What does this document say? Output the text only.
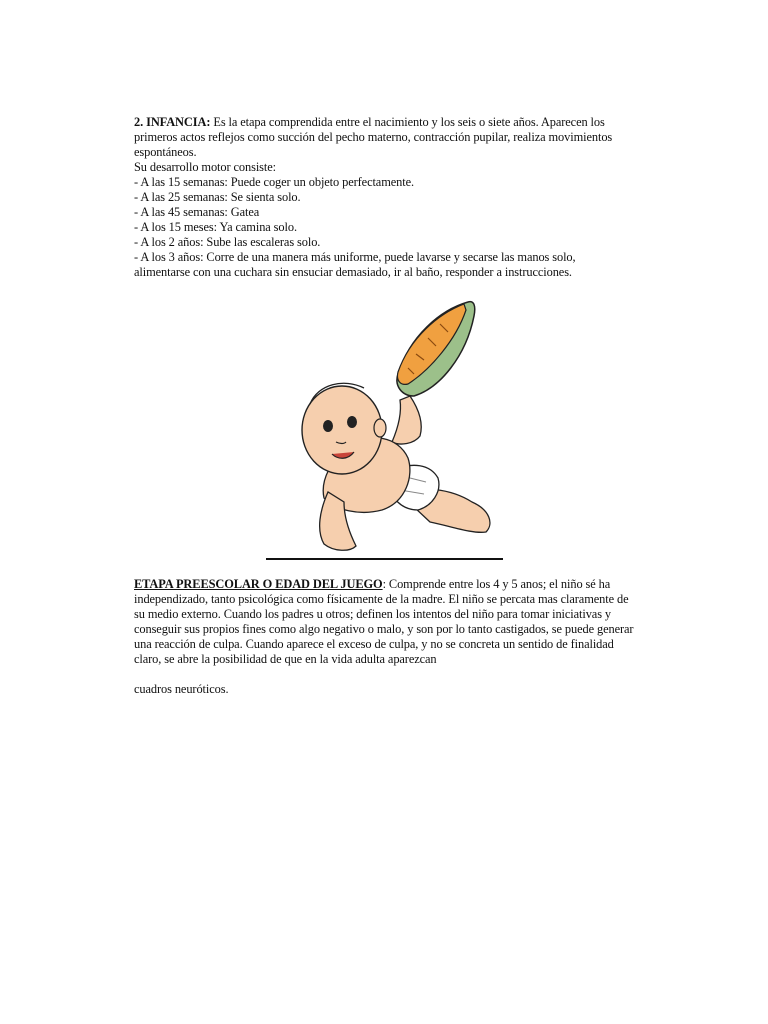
2. INFANCIA: Es la etapa comprendida entre el nacimiento y los seis o siete años. Aparecen los primeros actos reflejos como succión del pecho materno, contracción pupilar, realiza movimientos espontáneos.

Su desarrollo motor consiste:

- A las 15 semanas: Puede coger un objeto perfectamente.

- A las 25 semanas: Se sienta solo.

- A las 45 semanas: Gatea

- A los 15 meses: Ya camina solo.

- A los 2 años: Sube las escaleras solo.

- A los 3 años: Corre de una manera más uniforme, puede lavarse y secarse las manos solo, alimentarse con una cuchara sin ensuciar demasiado, ir al baño, responder a instrucciones.

ETAPA PREESCOLAR O EDAD DEL JUEGO: Comprende entre los 4 y 5 anos; el niño sé ha independizado, tanto psicológica como físicamente de la madre. El niño se percata mas claramente de su medio externo. Cuando los padres u otros; definen los intentos del niño para tomar iniciativas y conseguir sus propios fines como algo negativo o malo, y son por lo tanto castigados, se puede generar una reacción de culpa. Cuando aparece el exceso de culpa, y no se concreta un sentido de finalidad claro, se abre la posibilidad de que en la vida adulta aparezcan

cuadros neuróticos.
